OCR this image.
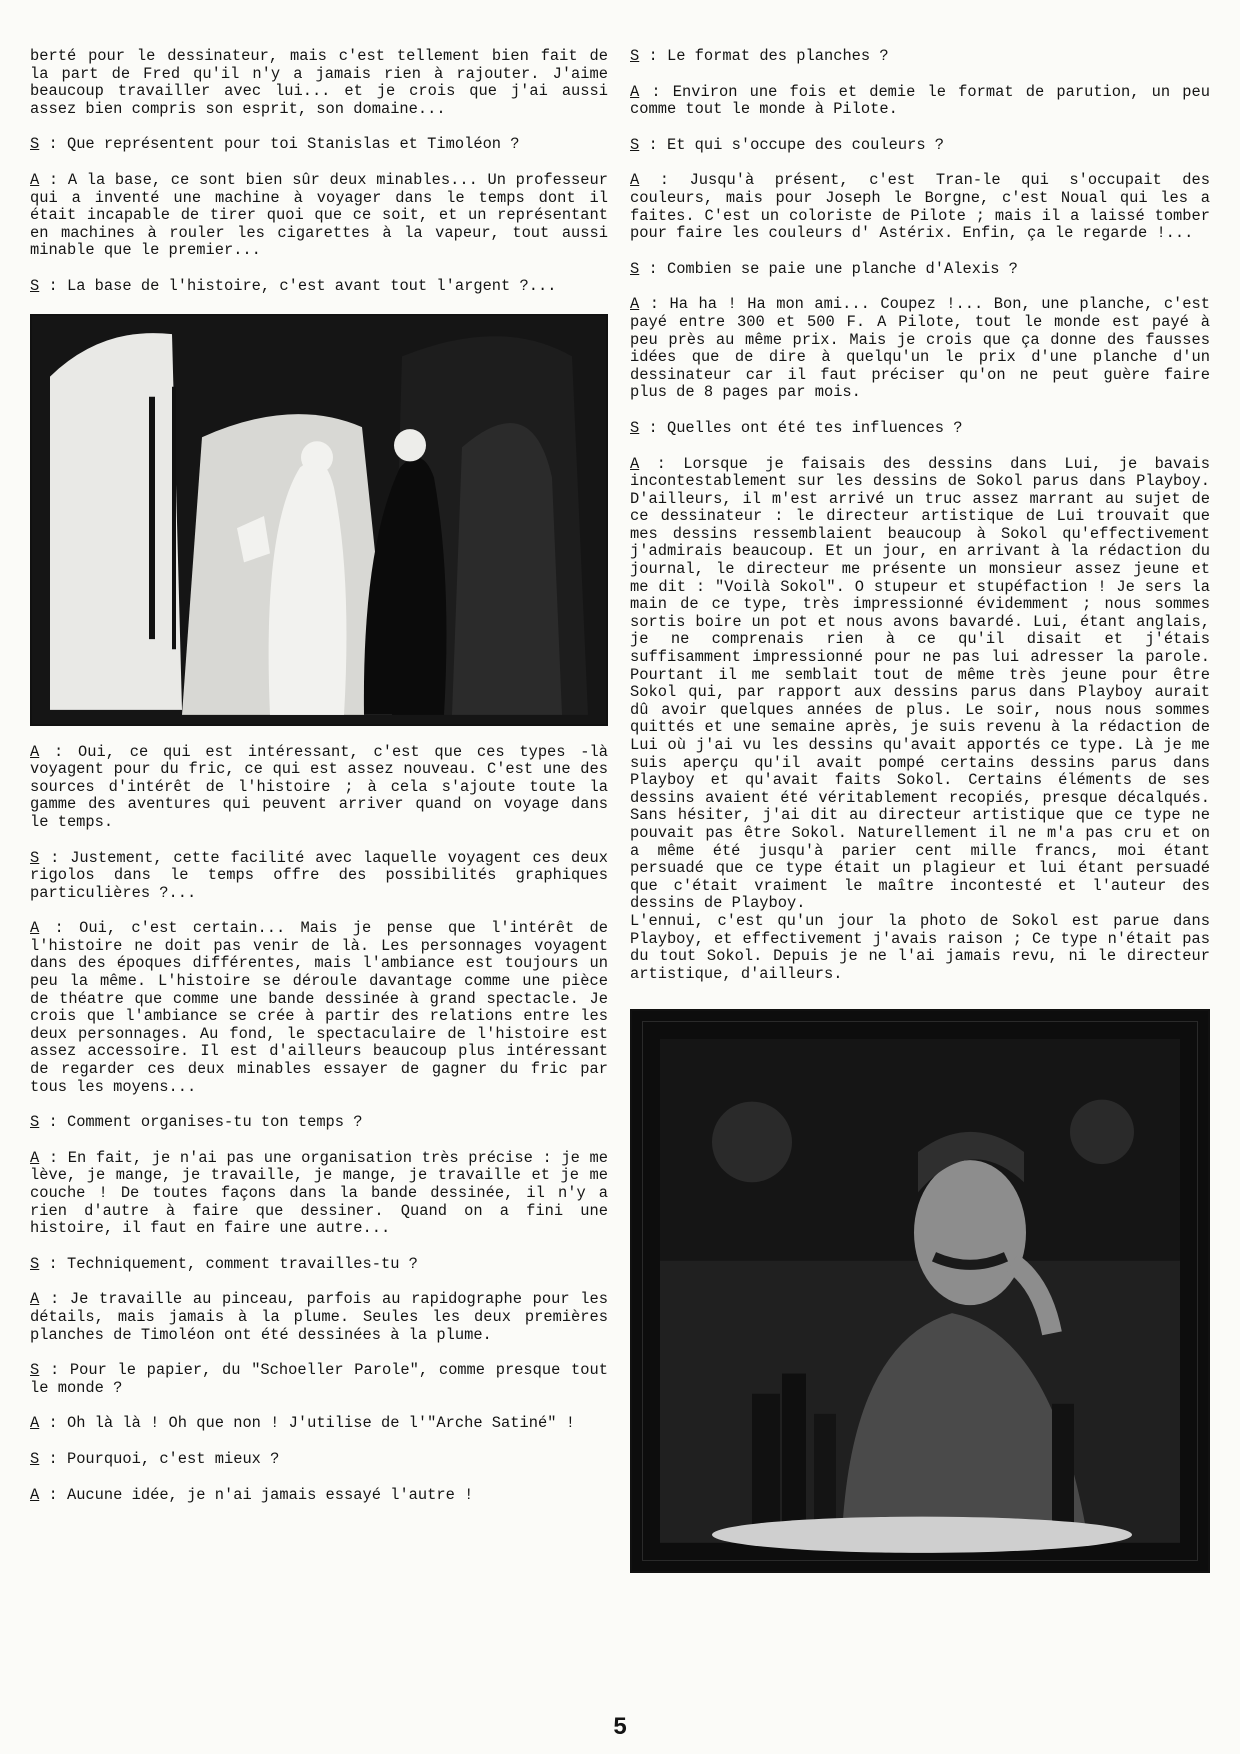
berté pour le dessinateur, mais c'est tellement bien fait de la part de Fred qu'il n'y a jamais rien à rajouter. J'aime beaucoup travailler avec lui... et je crois que j'ai aussi assez bien compris son esprit, son domaine...

S : Que représentent pour toi Stanislas et Timoléon ?

A : A la base, ce sont bien sûr deux minables... Un professeur qui a inventé une machine à voyager dans le temps dont il était incapable de tirer quoi que ce soit, et un représentant en machines à rouler les cigarettes à la vapeur, tout aussi minable que le premier...

S : La base de l'histoire, c'est avant tout l'argent ?...

A : Oui, ce qui est intéressant, c'est que ces types -là voyagent pour du fric, ce qui est assez nouveau. C'est une des sources d'intérêt de l'histoire ; à cela s'ajoute toute la gamme des aventures qui peuvent arriver quand on voyage dans le temps.

S : Justement, cette facilité avec laquelle voyagent ces deux rigolos dans le temps offre des possibilités graphiques particulières ?...

A : Oui, c'est certain... Mais je pense que l'intérêt de l'histoire ne doit pas venir de là. Les personnages voyagent dans des époques différentes, mais l'ambiance est toujours un peu la même. L'histoire se déroule davantage comme une pièce de théatre que comme une bande dessinée à grand spectacle. Je crois que l'ambiance se crée à partir des relations entre les deux personnages. Au fond, le spectaculaire de l'histoire est assez accessoire. Il est d'ailleurs beaucoup plus intéressant de regarder ces deux minables essayer de gagner du fric par tous les moyens...

S : Comment organises-tu ton temps ?

A : En fait, je n'ai pas une organisation très précise : je me lève, je mange, je travaille, je mange, je travaille et je me couche ! De toutes façons dans la bande dessinée, il n'y a rien d'autre à faire que dessiner. Quand on a fini une histoire, il faut en faire une autre...

S : Techniquement, comment travailles-tu ?

A : Je travaille au pinceau, parfois au rapidographe pour les détails, mais jamais à la plume. Seules les deux premières planches de Timoléon ont été dessinées à la plume.

S : Pour le papier, du "Schoeller Parole", comme presque tout le monde ?

A : Oh là là ! Oh que non ! J'utilise de l'"Arche Satiné" !

S : Pourquoi, c'est mieux ?

A : Aucune idée, je n'ai jamais essayé l'autre !

S : Le format des planches ?

A : Environ une fois et demie le format de parution, un peu comme tout le monde à Pilote.

S : Et qui s'occupe des couleurs ?

A : Jusqu'à présent, c'est Tran-le qui s'occupait des couleurs, mais pour Joseph le Borgne, c'est Noual qui les a faites. C'est un coloriste de Pilote ; mais il a laissé tomber pour faire les couleurs d' Astérix. Enfin, ça le regarde !...

S : Combien se paie une planche d'Alexis ?

A : Ha ha ! Ha mon ami... Coupez !... Bon, une planche, c'est payé entre 300 et 500 F. A Pilote, tout le monde est payé à peu près au même prix. Mais je crois que ça donne des fausses idées que de dire à quelqu'un le prix d'une planche d'un dessinateur car il faut préciser qu'on ne peut guère faire plus de 8 pages par mois.

S : Quelles ont été tes influences ?

A : Lorsque je faisais des dessins dans Lui, je bavais incontestablement sur les dessins de Sokol parus dans Playboy. D'ailleurs, il m'est arrivé un truc assez marrant au sujet de ce dessinateur : le directeur artistique de Lui trouvait que mes dessins ressemblaient beaucoup à Sokol qu'effectivement j'admirais beaucoup. Et un jour, en arrivant à la rédaction du journal, le directeur me présente un monsieur assez jeune et me dit : "Voilà Sokol". O stupeur et stupéfaction ! Je sers la main de ce type, très impressionné évidemment ; nous sommes sortis boire un pot et nous avons bavardé. Lui, étant anglais, je ne comprenais rien à ce qu'il disait et j'étais suffisamment impressionné pour ne pas lui adresser la parole. Pourtant il me semblait tout de même très jeune pour être Sokol qui, par rapport aux dessins parus dans Playboy aurait dû avoir quelques années de plus. Le soir, nous nous sommes quittés et une semaine après, je suis revenu à la rédaction de Lui où j'ai vu les dessins qu'avait apportés ce type. Là je me suis aperçu qu'il avait pompé certains dessins parus dans Playboy et qu'avait faits Sokol. Certains éléments de ses dessins avaient été véritablement recopiés, presque décalqués. Sans hésiter, j'ai dit au directeur artistique que ce type ne pouvait pas être Sokol. Naturellement il ne m'a pas cru et on a même été jusqu'à parier cent mille francs, moi étant persuadé que ce type était un plagieur et lui étant persuadé que c'était vraiment le maître incontesté et l'auteur des dessins de Playboy.

L'ennui, c'est qu'un jour la photo de Sokol est parue dans Playboy, et effectivement j'avais raison ; Ce type n'était pas du tout Sokol. Depuis je ne l'ai jamais revu, ni le directeur artistique, d'ailleurs.

5
